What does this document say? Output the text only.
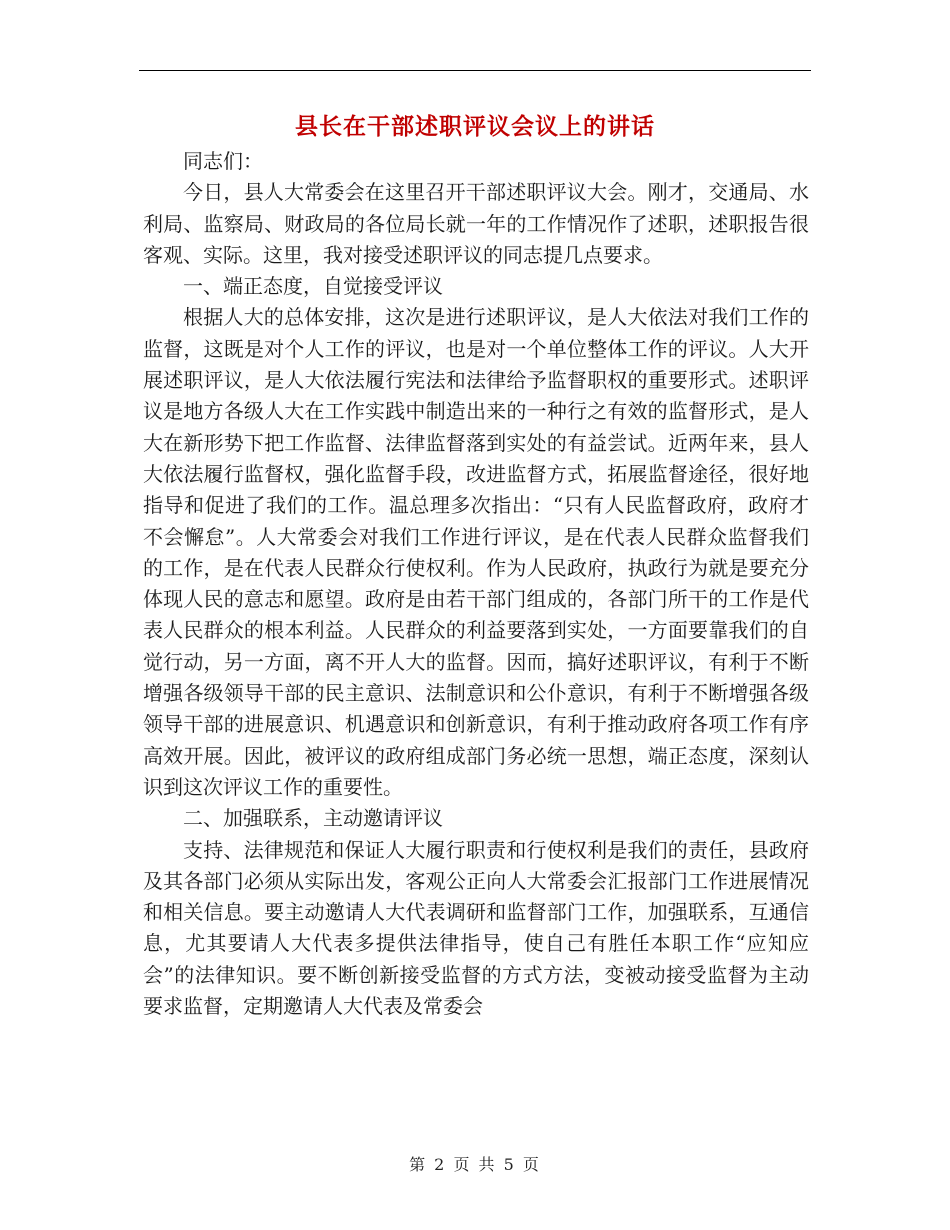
县长在干部述职评议会议上的讲话

同志们：

今日，县人大常委会在这里召开干部述职评议大会。刚才，交通局、水利局、监察局、财政局的各位局长就一年的工作情况作了述职，述职报告很客观、实际。这里，我对接受述职评议的同志提几点要求。

一、端正态度，自觉接受评议

根据人大的总体安排，这次是进行述职评议，是人大依法对我们工作的监督，这既是对个人工作的评议，也是对一个单位整体工作的评议。人大开展述职评议，是人大依法履行宪法和法律给予监督职权的重要形式。述职评议是地方各级人大在工作实践中制造出来的一种行之有效的监督形式，是人大在新形势下把工作监督、法律监督落到实处的有益尝试。近两年来，县人大依法履行监督权，强化监督手段，改进监督方式，拓展监督途径，很好地指导和促进了我们的工作。温总理多次指出：“只有人民监督政府，政府才不会懈怠”。人大常委会对我们工作进行评议，是在代表人民群众监督我们的工作，是在代表人民群众行使权利。作为人民政府，执政行为就是要充分体现人民的意志和愿望。政府是由若干部门组成的，各部门所干的工作是代表人民群众的根本利益。人民群众的利益要落到实处，一方面要靠我们的自觉行动，另一方面，离不开人大的监督。因而，搞好述职评议，有利于不断增强各级领导干部的民主意识、法制意识和公仆意识，有利于不断增强各级领导干部的进展意识、机遇意识和创新意识，有利于推动政府各项工作有序高效开展。因此，被评议的政府组成部门务必统一思想，端正态度，深刻认识到这次评议工作的重要性。

二、加强联系，主动邀请评议

支持、法律规范和保证人大履行职责和行使权利是我们的责任，县政府及其各部门必须从实际出发，客观公正向人大常委会汇报部门工作进展情况和相关信息。要主动邀请人大代表调研和监督部门工作，加强联系，互通信息，尤其要请人大代表多提供法律指导，使自己有胜任本职工作“应知应会”的法律知识。要不断创新接受监督的方式方法，变被动接受监督为主动要求监督，定期邀请人大代表及常委会

第 2 页 共 5 页
